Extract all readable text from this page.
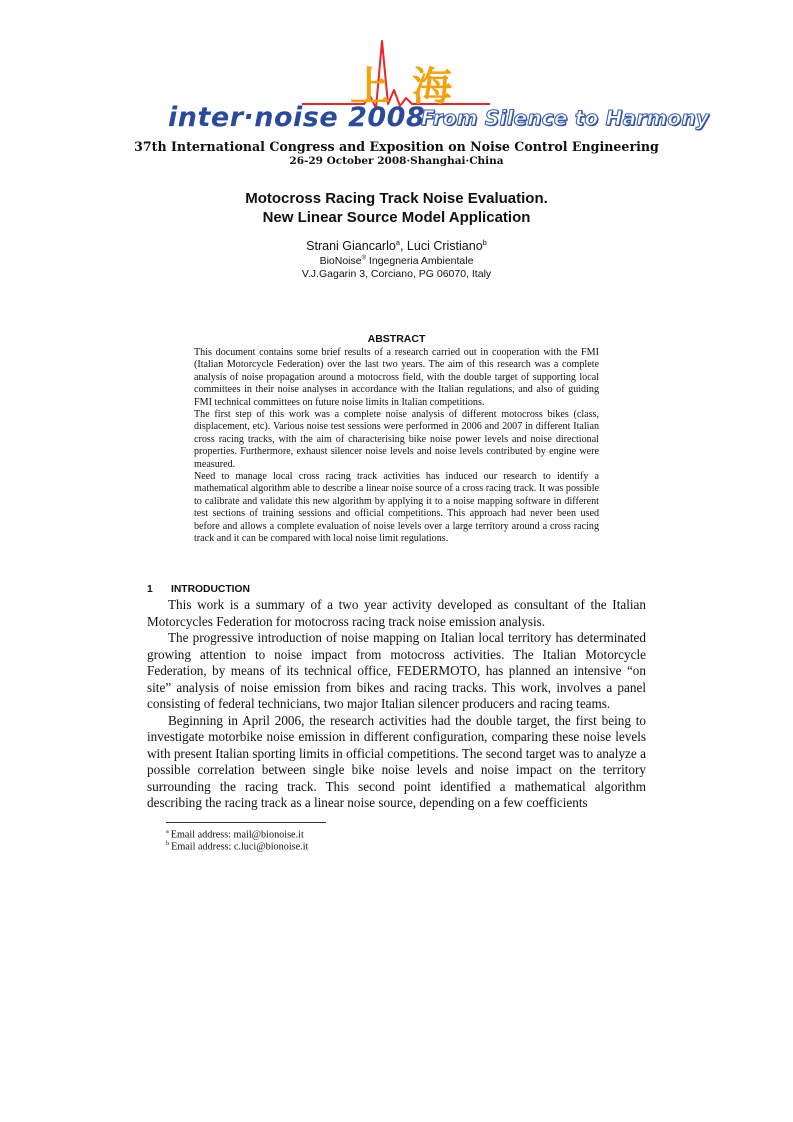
上海
inter·noise 2008
From Silence to Harmony
37th International Congress and Exposition on Noise Control Engineering
26-29 October 2008·Shanghai·China
Motocross Racing Track Noise Evaluation.
New Linear Source Model Application
Strani Giancarlo$^a$, Luci Cristiano$^b$
BioNoise® Ingegneria Ambientale
V.J.Gagarin 3, Corciano, PG 06070, Italy
ABSTRACT

This document contains some brief results of a research carried out in cooperation with the FMI (Italian Motorcycle Federation) over the last two years. The aim of this research was a complete analysis of noise propagation around a motocross field, with the double target of supporting local committees in their noise analyses in accordance with the Italian regulations, and also of guiding FMI technical committees on future noise limits in Italian competitions.

The first step of this work was a complete noise analysis of different motocross bikes (class, displacement, etc). Various noise test sessions were performed in 2006 and 2007 in different Italian cross racing tracks, with the aim of characterising bike noise power levels and noise directional properties. Furthermore, exhaust silencer noise levels and noise levels contributed by engine were measured.

Need to manage local cross racing track activities has induced our research to identify a mathematical algorithm able to describe a linear noise source of a cross racing track. It was possible to calibrate and validate this new algorithm by applying it to a noise mapping software in different test sections of training sessions and official competitions. This approach had never been used before and allows a complete evaluation of noise levels over a large territory around a cross racing track and it can be compared with local noise limit regulations.

1 INTRODUCTION

This work is a summary of a two year activity developed as consultant of the Italian Motorcycles Federation for motocross racing track noise emission analysis.

The progressive introduction of noise mapping on Italian local territory has determinated growing attention to noise impact from motocross activities. The Italian Motorcycle Federation, by means of its technical office, FEDERMOTO, has planned an intensive “on site” analysis of noise emission from bikes and racing tracks. This work, involves a panel consisting of federal technicians, two major Italian silencer producers and racing teams.

Beginning in April 2006, the research activities had the double target, the first being to investigate motorbike noise emission in different configuration, comparing these noise levels with present Italian sporting limits in official competitions. The second target was to analyze a possible correlation between single bike noise levels and noise impact on the territory surrounding the racing track. This second point identified a mathematical algorithm describing the racing track as a linear noise source, depending on a few coefficients

$^a$ Email address: mail@bionoise.it
$^b$ Email address: c.luci@bionoise.it
